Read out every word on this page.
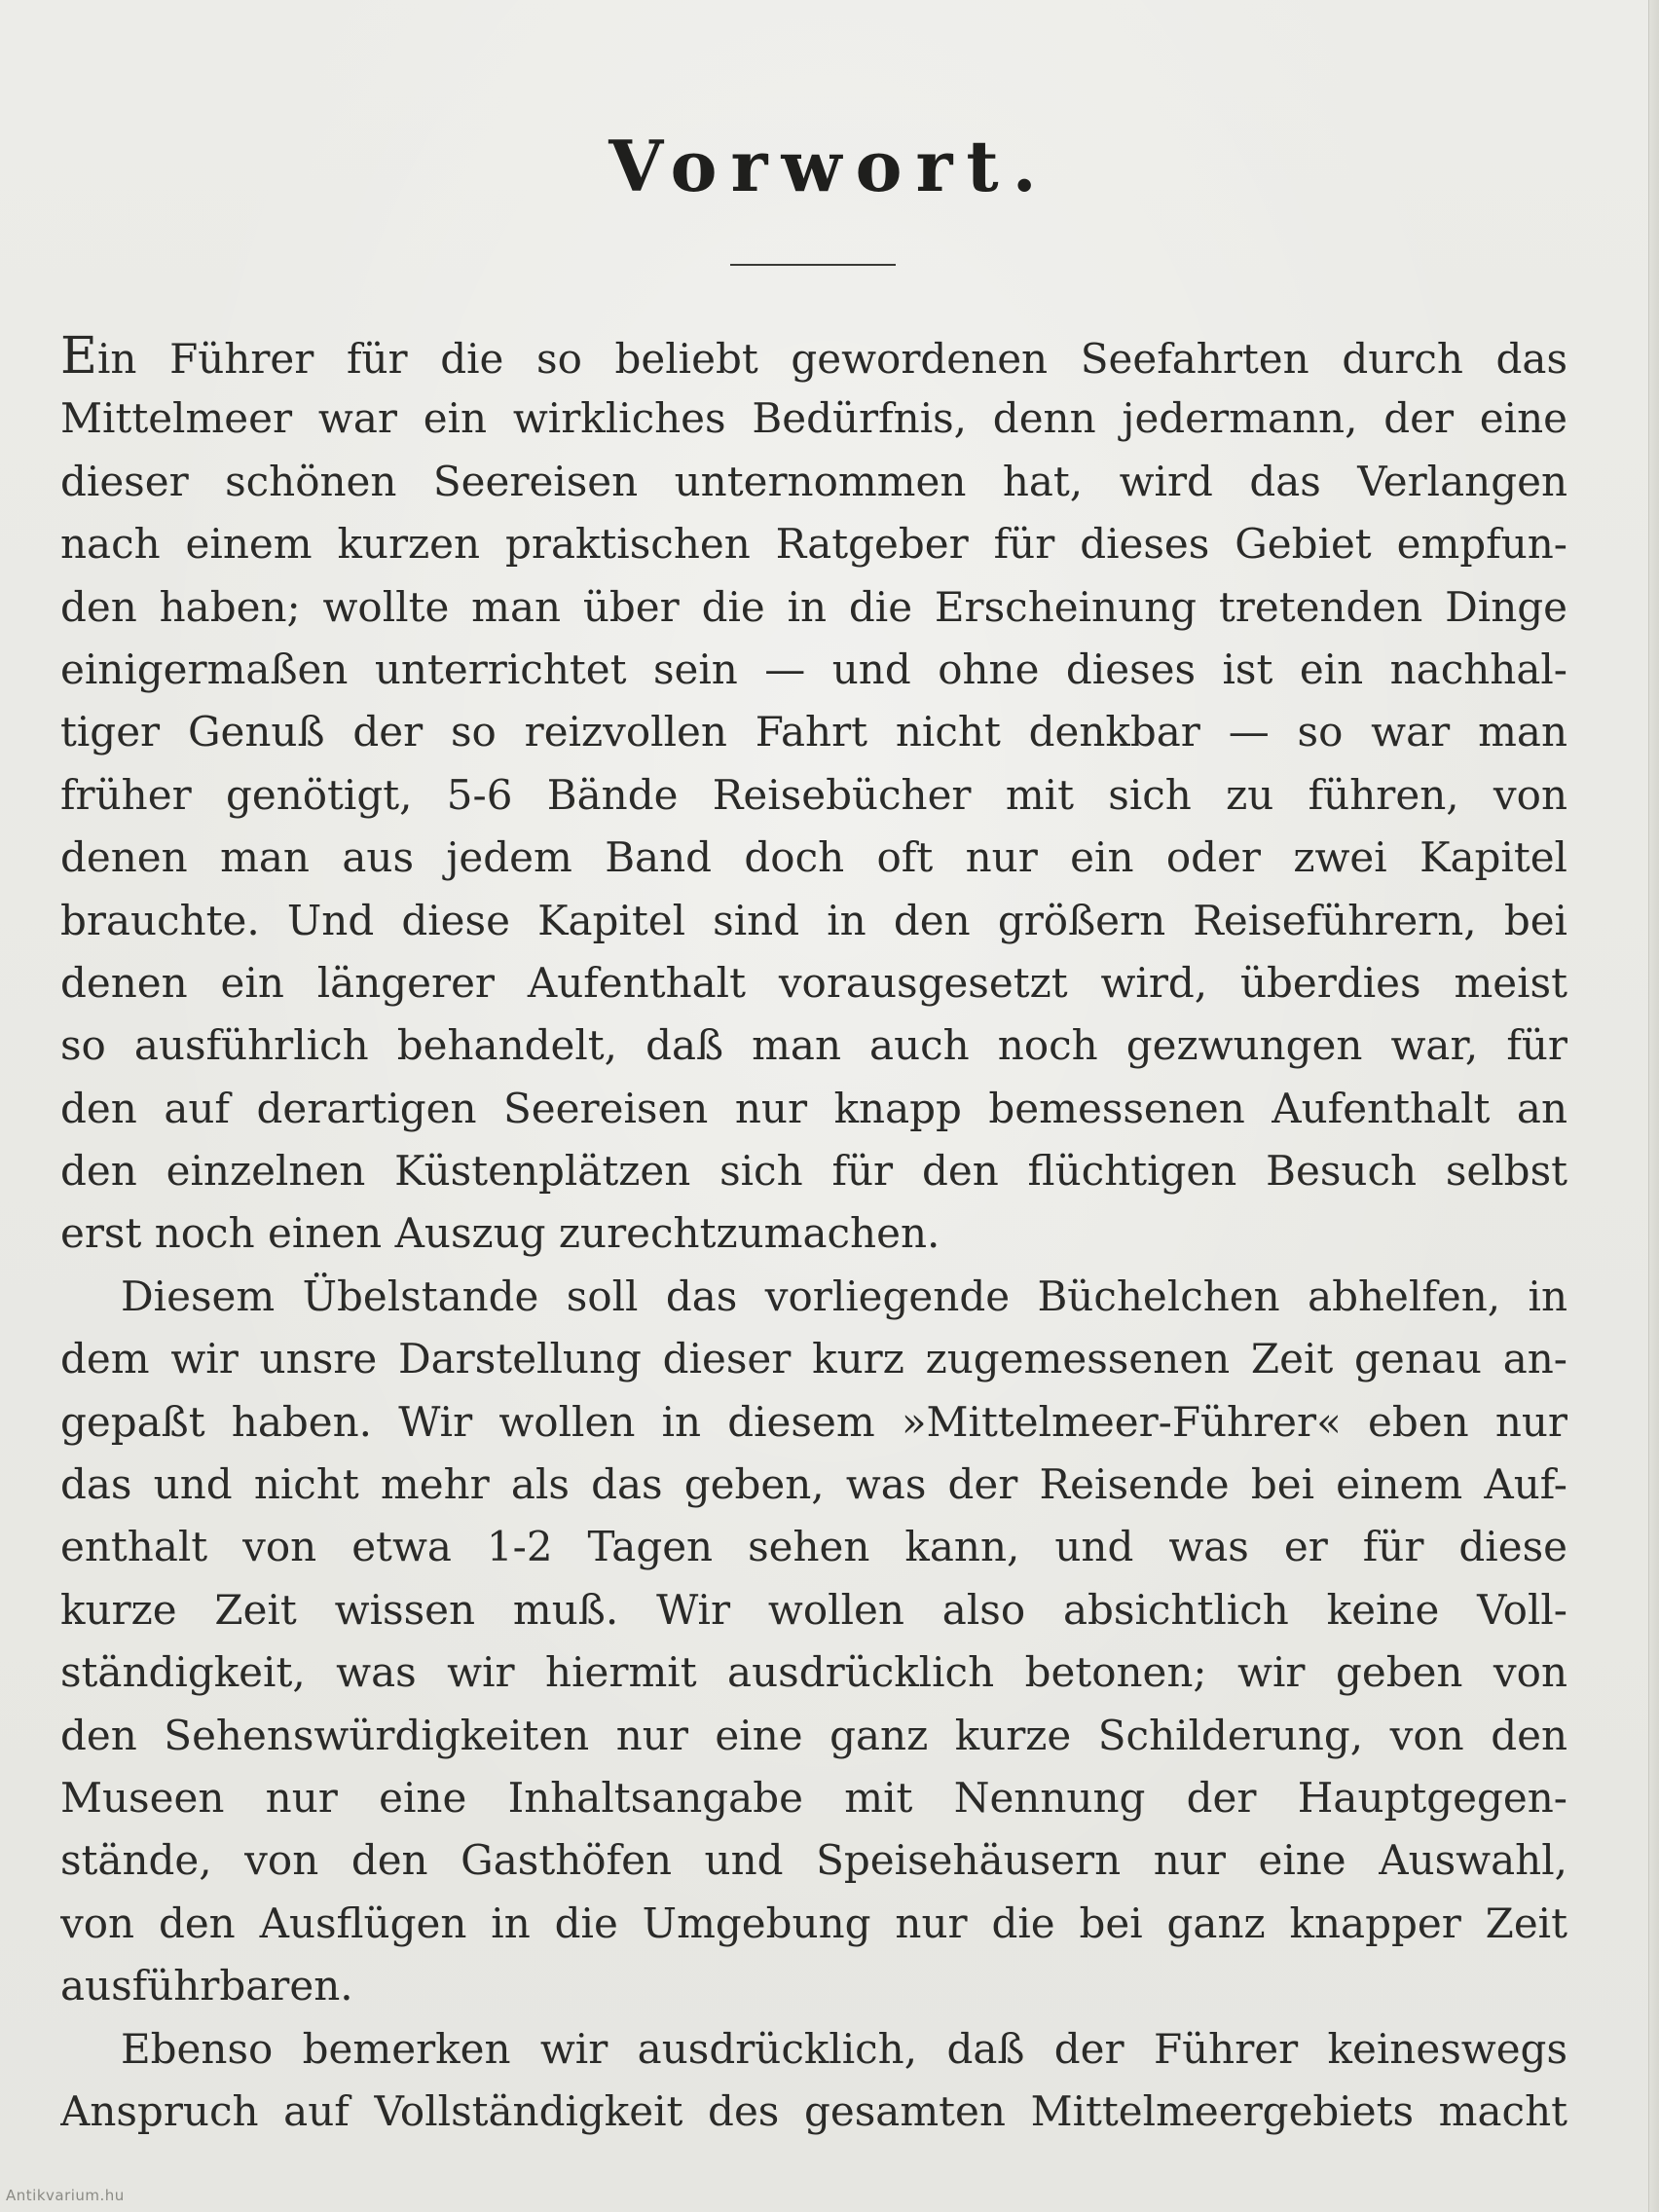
Vorwort.
Ein Führer für die so beliebt gewordenen Seefahrten durch das
Mittelmeer war ein wirkliches Bedürfnis, denn jedermann, der eine
dieser schönen Seereisen unternommen hat, wird das Verlangen
nach einem kurzen praktischen Ratgeber für dieses Gebiet empfun-
den haben; wollte man über die in die Erscheinung tretenden Dinge
einigermaßen unterrichtet sein — und ohne dieses ist ein nachhal-
tiger Genuß der so reizvollen Fahrt nicht denkbar — so war man
früher genötigt, 5-6 Bände Reisebücher mit sich zu führen, von
denen man aus jedem Band doch oft nur ein oder zwei Kapitel
brauchte. Und diese Kapitel sind in den größern Reiseführern, bei
denen ein längerer Aufenthalt vorausgesetzt wird, überdies meist
so ausführlich behandelt, daß man auch noch gezwungen war, für
den auf derartigen Seereisen nur knapp bemessenen Aufenthalt an
den einzelnen Küstenplätzen sich für den flüchtigen Besuch selbst
erst noch einen Auszug zurechtzumachen.
Diesem Übelstande soll das vorliegende Büchelchen abhelfen, in
dem wir unsre Darstellung dieser kurz zugemessenen Zeit genau an-
gepaßt haben. Wir wollen in diesem »Mittelmeer-Führer« eben nur
das und nicht mehr als das geben, was der Reisende bei einem Auf-
enthalt von etwa 1-2 Tagen sehen kann, und was er für diese
kurze Zeit wissen muß. Wir wollen also absichtlich keine Voll-
ständigkeit, was wir hiermit ausdrücklich betonen; wir geben von
den Sehenswürdigkeiten nur eine ganz kurze Schilderung, von den
Museen nur eine Inhaltsangabe mit Nennung der Hauptgegen-
stände, von den Gasthöfen und Speisehäusern nur eine Auswahl,
von den Ausflügen in die Umgebung nur die bei ganz knapper Zeit
ausführbaren.
Ebenso bemerken wir ausdrücklich, daß der Führer keineswegs
Anspruch auf Vollständigkeit des gesamten Mittelmeergebiets macht
Antikvarium.hu
